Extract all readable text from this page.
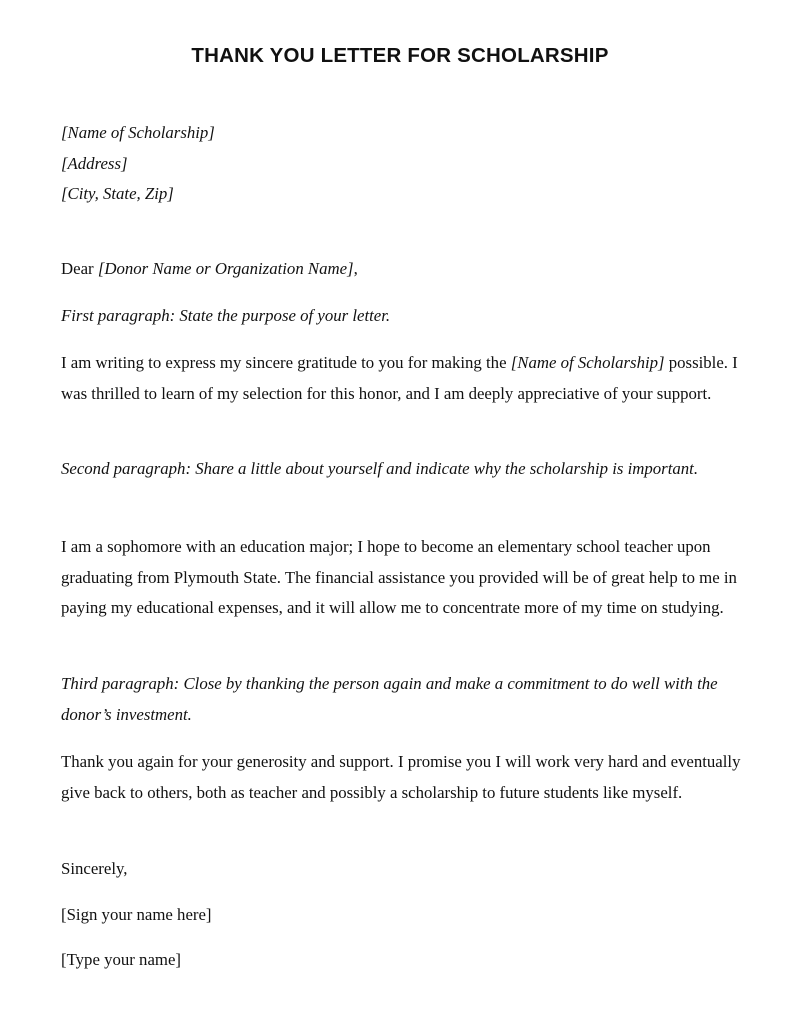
THANK YOU LETTER FOR SCHOLARSHIP
[Name of Scholarship]
[Address]
[City, State, Zip]
Dear [Donor Name or Organization Name],

First paragraph: State the purpose of your letter.

I am writing to express my sincere gratitude to you for making the [Name of Scholarship] possible. I was thrilled to learn of my selection for this honor, and I am deeply appreciative of your support.

Second paragraph: Share a little about yourself and indicate why the scholarship is important.

I am a sophomore with an education major; I hope to become an elementary school teacher upon graduating from Plymouth State. The financial assistance you provided will be of great help to me in paying my educational expenses, and it will allow me to concentrate more of my time on studying.

Third paragraph: Close by thanking the person again and make a commitment to do well with the donor’s investment.

Thank you again for your generosity and support. I promise you I will work very hard and eventually give back to others, both as teacher and possibly a scholarship to future students like myself.

Sincerely,
[Sign your name here]
[Type your name]
